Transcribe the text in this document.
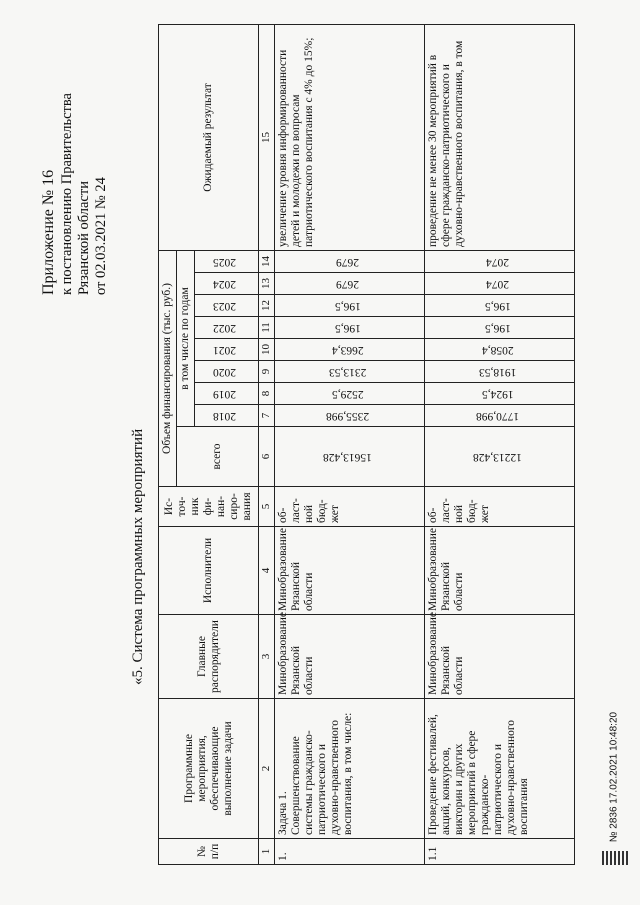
Приложение № 16 к постановлению Правительства Рязанской области от 02.03.2021 № 24
«5. Система программных мероприятий
№ п/п	Программные мероприятия, обеспечивающие выполнение задачи	Главные распорядители	Исполнители	Ис-точ-ник фи-нан-сиро-вания	Объем финансирования (тыс. руб.)									Ожидаемый результат
					всего	в том числе по годам								
						2018	2019	2020	2021	2022	2023	2024	2025	
1	2	3	4	5	6	7	8	9	10	11	12	13	14	15
1.	Задача 1. Совершенствование системы гражданско-патриотического и духовно-нравственного воспитания, в том числе:	Минобразование Рязанской области	Минобразование Рязанской области	об-ласт-ной бюд-жет	15613,428	2355,998	2529,5	2313,53	2663,4	196,5	196,5	2679	2679	увеличение уровня информированности детей и молодежи по вопросам патриотического воспитания с 4% до 15%;
1.1	Проведение фестивалей, акций, конкурсов, викторин и других мероприятий в сфере гражданско-патриотического и духовно-нравственного воспитания	Минобразование Рязанской области	Минобразование Рязанской области	об-ласт-ной бюд-жет	12213,428	1770,998	1924,5	1918,53	2058,4	196,5	196,5	2074	2074	проведение не менее 30 мероприятий в сфере гражданско-патриотического и духовно-нравственного воспитания, в том
№ 2836 17.02.2021 10:48:20
